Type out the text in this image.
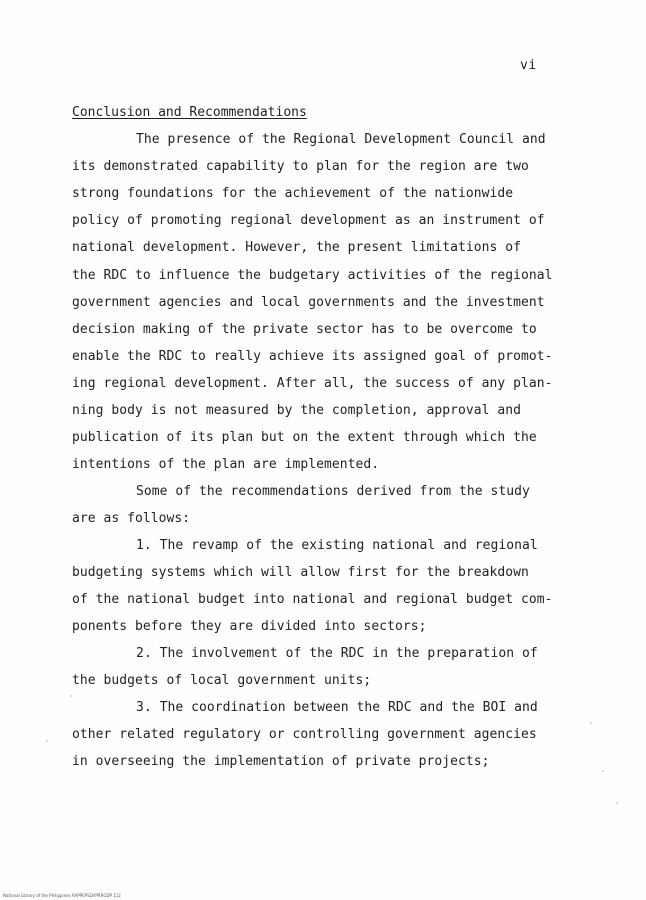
vi
Conclusion and Recommendations
The presence of the Regional Development Council and
its demonstrated capability to plan for the region are two
strong foundations for the achievement of the nationwide
policy of promoting regional development as an instrument of
national development. However, the present limitations of
the RDC to influence the budgetary activities of the regional
government agencies and local governments and the investment
decision making of the private sector has to be overcome to
enable the RDC to really achieve its assigned goal of promot-
ing regional development. After all, the success of any plan-
ning body is not measured by the completion, approval and
publication of its plan but on the extent through which the
intentions of the plan are implemented.
Some of the recommendations derived from the study
are as follows:
1. The revamp of the existing national and regional
budgeting systems which will allow first for the breakdown
of the national budget into national and regional budget com-
ponents before they are divided into sectors;
2. The involvement of the RDC in the preparation of
the budgets of local government units;
3. The coordination between the RDC and the BOI and
other related regulatory or controlling government agencies
in overseeing the implementation of private projects;
National Library of the Philippines RAPPEPSDVPRRGDP 112
